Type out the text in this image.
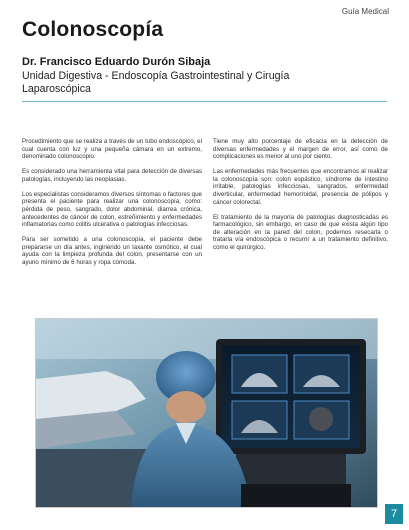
Guía Medical
Colonoscopía
Dr. Francisco Eduardo Durón Sibaja
Unidad Digestiva - Endoscopía Gastrointestinal y Cirugía Laparoscópica

Procedimiento que se realiza a través de un tubo endoscópico, el cual cuenta con luz y una pequeña cámara en un extremo, denominado colonoscopio.

Es considerado una herramienta vital para detección de diversas patologías, incluyendo las neoplasias.

Los especialistas consideramos diversos síntomas o factores que presenta el paciente para realizar una colonoscopía, como: pérdida de peso, sangrado, dolor abdominal, diarrea crónica, antecedentes de cáncer de colon, estreñimiento y enfermedades inflamatorias como colitis ulcerativa o patologías infecciosas.

Para ser sometido a una colonoscopía, el paciente debe prepararse un día antes, ingiriendo un laxante osmótico, el cual ayuda con la limpieza profunda del colon, presentarse con un ayuno mínimo de 6 horas y ropa cómoda.

Tiene muy alto porcentaje de eficacia en la detección de diversas enfermedades y el margen de error, así como de complicaciones es menor al uno por ciento.

Las enfermedades más frecuentes que encontramos al realizar la colonoscopía son: colon espástico, síndrome de intestino irritable, patologías infecciosas, sangrados, enfermedad diverticular, enfermedad hemorroidal, presencia de pólipos y cáncer colorectal.

El tratamiento de la mayoría de patologías diagnosticadas es farmacológico, sin embargo, en caso de que exista algún tipo de alteración en la pared del colon, podemos resecarla o tratarla vía endoscópica o recurrir a un tratamiento definitivo, como el quirúrgico.

7
